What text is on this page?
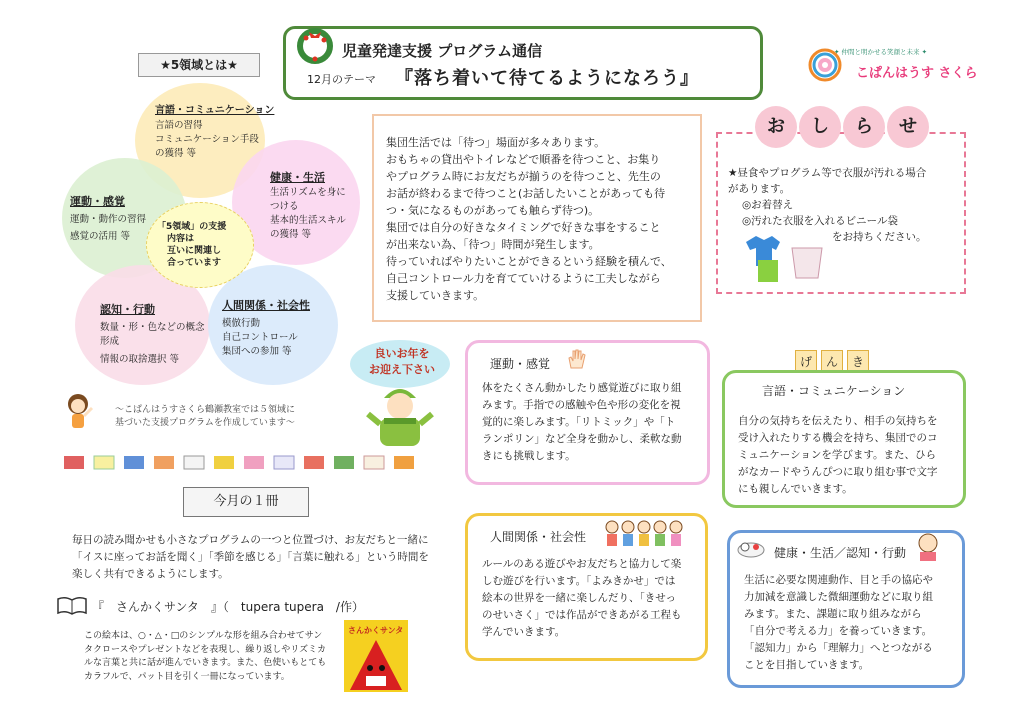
児童発達支援 プログラム通信
12月のテーマ 『落ち着いて待てるようになろう』
✦ 仲間と明かせる笑顔と未来 ✦
こぱんはうす さくら
★5領域とは★
言語・コミュニケーション
言語の習得
コミュニケーション手段
の獲得 等
健康・生活
生活リズムを身に
つける
基本的生活スキル
の獲得 等
運動・感覚
運動・動作の習得
感覚の活用 等
「5領域」の支援
内容は
互いに関連し
合っています
認知・行動
数量・形・色などの概念
形成
情報の取捨選択 等
人間関係・社会性
模倣行動
自己コントロール
集団への参加 等
～こぱんはうすさくら鶴瀬教室では５領域に
基づいた支援プログラムを作成しています～
今月の１冊
毎日の読み聞かせも小さなプログラムの一つと位置づけ、お友だちと一緒に
「イスに座ってお話を聞く」「季節を感じる」「言葉に触れる」という時間を
楽しく共有できるようにします。
『　さんかくサンタ　』（　tupera tupera　/作）
この絵本は、○・△・□のシンプルな形を組み合わせてサン
タクロースやプレゼントなどを表現し、繰り返しやリズミカ
ルな言葉と共に話が進んでいきます。また、色使いもとても
カラフルで、パット目を引く一冊になっています。
さんかくサンタ
集団生活では「待つ」場面が多々あります。
おもちゃの貸出やトイレなどで順番を待つこと、お集り
やプログラム時にお友だちが揃うのを待つこと、先生の
お話が終わるまで待つこと(お話したいことがあっても待
つ・気になるものがあっても触らず待つ)。
集団では自分の好きなタイミングで好きな事をすること
が出来ない為、「待つ」時間が発生します。
待っていればやりたいことができるという経験を積んで、
自己コントロール力を育てていけるように工夫しながら
支援していきます。
お	し	ら	せ
★昼食やプログラム等で衣服が汚れる場合
があります。
◎お着替え
◎汚れた衣服を入れるビニール袋
をお持ちください。
良いお年を
お迎え下さい	運動・感覚
体をたくさん動かしたり感覚遊びに取り組
みます。手指での感触や色や形の変化を視
覚的に楽しみます。「リトミック」や「ト
ランポリン」など全身を動かし、柔軟な動
きにも挑戦します。
げ ん き
言語・コミュニケーション
自分の気持ちを伝えたり、相手の気持ちを
受け入れたりする機会を持ち、集団でのコ
ミュニケーションを学びます。また、ひら
がなカードやうんぴつに取り組む事で文字
にも親しんでいきます。
人間関係・社会性
ルールのある遊びやお友だちと協力して楽
しむ遊びを行います。「よみきかせ」では
絵本の世界を一緒に楽しんだり、「きせっ
のせいさく」では作品ができあがる工程も
学んでいきます。
健康・生活／認知・行動
生活に必要な関連動作、目と手の協応や
力加減を意識した微細運動などに取り組
みます。また、課題に取り組みながら
「自分で考える力」を養っていきます。
「認知力」から「理解力」へとつながる
ことを目指していきます。
